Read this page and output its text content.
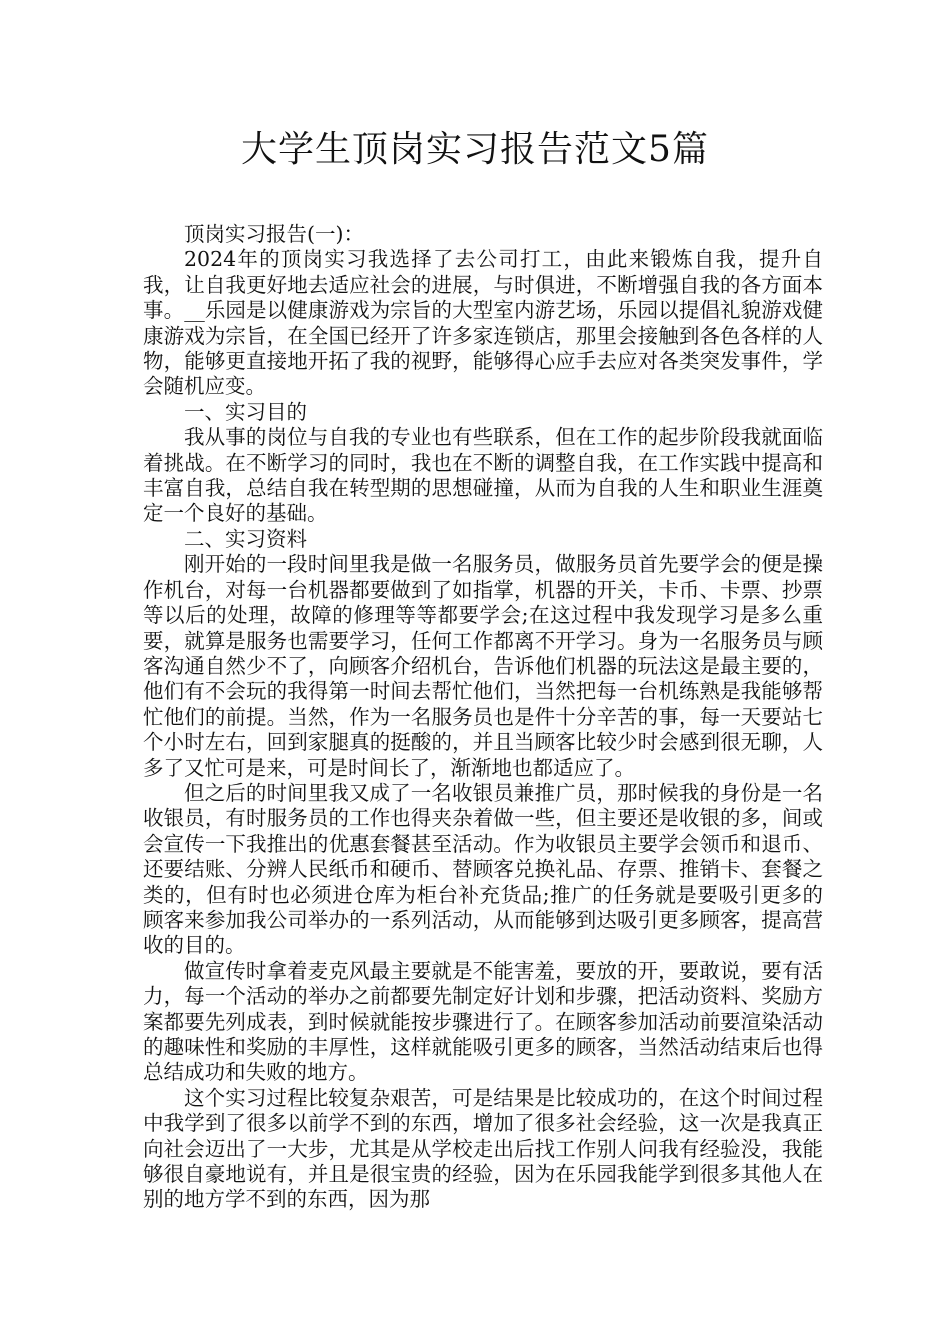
大学生顶岗实习报告范文5篇

顶岗实习报告(一)：

2024年的顶岗实习我选择了去公司打工，由此来锻炼自我，提升自我，让自我更好地去适应社会的进展，与时俱进，不断增强自我的各方面本事。__乐园是以健康游戏为宗旨的大型室内游艺场，乐园以提倡礼貌游戏健康游戏为宗旨，在全国已经开了许多家连锁店，那里会接触到各色各样的人物，能够更直接地开拓了我的视野，能够得心应手去应对各类突发事件，学会随机应变。

一、实习目的

我从事的岗位与自我的专业也有些联系，但在工作的起步阶段我就面临着挑战。在不断学习的同时，我也在不断的调整自我，在工作实践中提高和丰富自我，总结自我在转型期的思想碰撞，从而为自我的人生和职业生涯奠定一个良好的基础。

二、实习资料

刚开始的一段时间里我是做一名服务员，做服务员首先要学会的便是操作机台，对每一台机器都要做到了如指掌，机器的开关，卡币、卡票、抄票等以后的处理，故障的修理等等都要学会;在这过程中我发现学习是多么重要，就算是服务也需要学习，任何工作都离不开学习。身为一名服务员与顾客沟通自然少不了，向顾客介绍机台，告诉他们机器的玩法这是最主要的，他们有不会玩的我得第一时间去帮忙他们，当然把每一台机练熟是我能够帮忙他们的前提。当然，作为一名服务员也是件十分辛苦的事，每一天要站七个小时左右，回到家腿真的挺酸的，并且当顾客比较少时会感到很无聊，人多了又忙可是来，可是时间长了，渐渐地也都适应了。

但之后的时间里我又成了一名收银员兼推广员，那时候我的身份是一名收银员，有时服务员的工作也得夹杂着做一些，但主要还是收银的多，间或会宣传一下我推出的优惠套餐甚至活动。作为收银员主要学会领币和退币、还要结账、分辨人民纸币和硬币、替顾客兑换礼品、存票、推销卡、套餐之类的，但有时也必须进仓库为柜台补充货品;推广的任务就是要吸引更多的顾客来参加我公司举办的一系列活动，从而能够到达吸引更多顾客，提高营收的目的。

做宣传时拿着麦克风最主要就是不能害羞，要放的开，要敢说，要有活力，每一个活动的举办之前都要先制定好计划和步骤，把活动资料、奖励方案都要先列成表，到时候就能按步骤进行了。在顾客参加活动前要渲染活动的趣味性和奖励的丰厚性，这样就能吸引更多的顾客，当然活动结束后也得总结成功和失败的地方。

这个实习过程比较复杂艰苦，可是结果是比较成功的，在这个时间过程中我学到了很多以前学不到的东西，增加了很多社会经验，这一次是我真正向社会迈出了一大步，尤其是从学校走出后找工作别人问我有经验没，我能够很自豪地说有，并且是很宝贵的经验，因为在乐园我能学到很多其他人在别的地方学不到的东西，因为那
